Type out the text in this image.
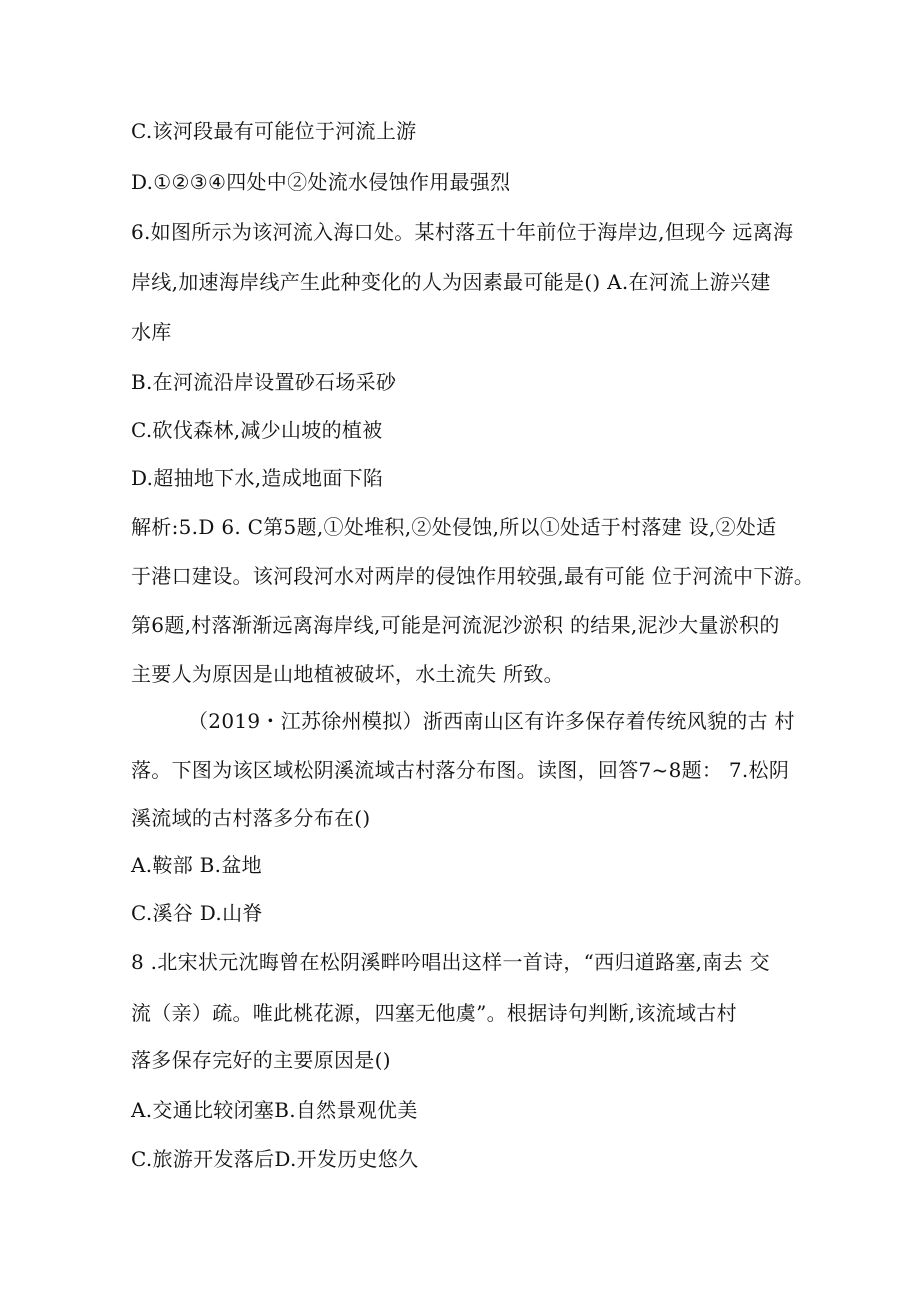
C.该河段最有可能位于河流上游
D.①②③④四处中②处流水侵蚀作用最强烈
6.如图所示为该河流入海口处。某村落五十年前位于海岸边,但现今 远离海
岸线,加速海岸线产生此种变化的人为因素最可能是() A.在河流上游兴建
水库
B.在河流沿岸设置砂石场采砂
C.砍伐森林,减少山坡的植被
D.超抽地下水,造成地面下陷
解析:5.D 6. C第5题,①处堆积,②处侵蚀,所以①处适于村落建 设,②处适
于港口建设。该河段河水对两岸的侵蚀作用较强,最有可能 位于河流中下游。
第6题,村落渐渐远离海岸线,可能是河流泥沙淤积 的结果,泥沙大量淤积的
主要人为原因是山地植被破坏，水土流失 所致。
（2019・江苏徐州模拟）浙西南山区有许多保存着传统风貌的古 村
落。下图为该区域松阴溪流域古村落分布图。读图，回答7~8题： 7.松阴
溪流域的古村落多分布在()
A.鞍部 B.盆地
C.溪谷 D.山脊
8 .北宋状元沈晦曾在松阴溪畔吟唱出这样一首诗，“西归道路塞,南去 交
流（亲）疏。唯此桃花源，四塞无他虞”。根据诗句判断,该流域古村
落多保存完好的主要原因是()
A.交通比较闭塞B.自然景观优美
C.旅游开发落后D.开发历史悠久
